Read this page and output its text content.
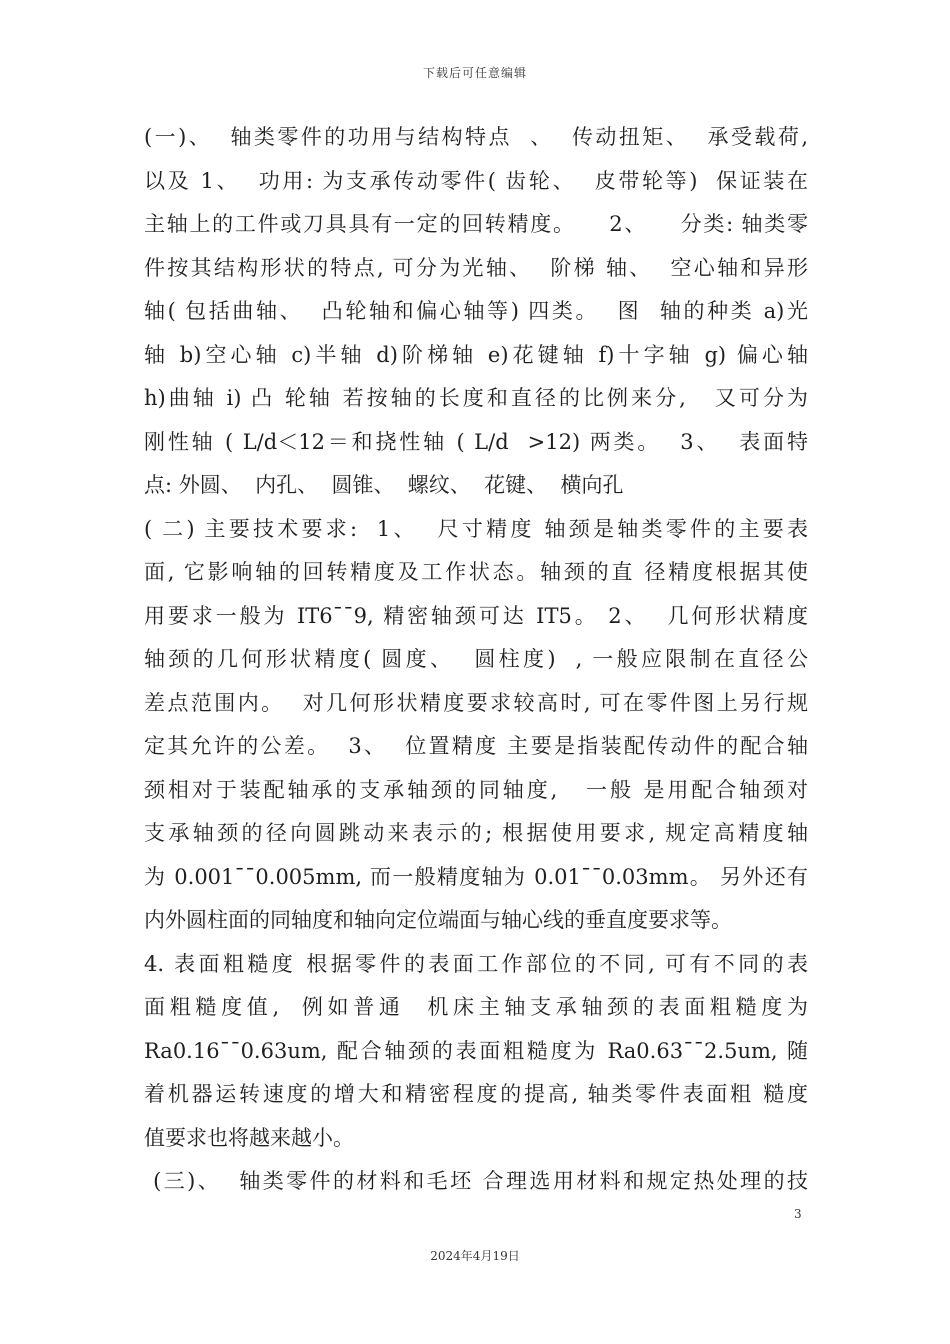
下载后可任意编辑
(一)、  轴类零件的功用与结构特点  、  传动扭矩、  承受载荷,
以及 1、  功用: 为支承传动零件( 齿轮、  皮带轮等)  保证装在
主轴上的工件或刀具具有一定的回转精度。    2、    分类: 轴类零
件按其结构形状的特点, 可分为光轴、  阶梯 轴、  空心轴和异形
轴( 包括曲轴、  凸轮轴和偏心轴等) 四类。  图  轴的种类 a)光
轴 b)空心轴 c)半轴 d)阶梯轴 e)花键轴 f)十字轴 g) 偏心轴
h)曲轴 i) 凸 轮轴 若按轴的长度和直径的比例来分,   又可分为
刚性轴 ( L/d＜12＝和挠性轴 ( L/d  >12) 两类。  3、  表面特
点: 外圆、  内孔、  圆锥、  螺纹、  花键、  横向孔
( 二) 主要技术要求:  1、  尺寸精度 轴颈是轴类零件的主要表
面, 它影响轴的回转精度及工作状态。轴颈的直 径精度根据其使
用要求一般为 IT6¯¯9, 精密轴颈可达 IT5。 2、  几何形状精度
轴颈的几何形状精度( 圆度、  圆柱度)  , 一般应限制在直径公
差点范围内。  对几何形状精度要求较高时, 可在零件图上另行规
定其允许的公差。  3、  位置精度 主要是指装配传动件的配合轴
颈相对于装配轴承的支承轴颈的同轴度,   一般 是用配合轴颈对
支承轴颈的径向圆跳动来表示的; 根据使用要求, 规定高精度轴
为 0.001¯¯0.005mm, 而一般精度轴为 0.01¯¯0.03mm。 另外还有
内外圆柱面的同轴度和轴向定位端面与轴心线的垂直度要求等。
4. 表面粗糙度 根据零件的表面工作部位的不同, 可有不同的表
面粗糙度值,  例如普通  机床主轴支承轴颈的表面粗糙度为
Ra0.16¯¯0.63um, 配合轴颈的表面粗糙度为 Ra0.63¯¯2.5um, 随
着机器运转速度的增大和精密程度的提高, 轴类零件表面粗 糙度
值要求也将越来越小。
(三)、  轴类零件的材料和毛坯 合理选用材料和规定热处理的技
3
2024年4月19日
